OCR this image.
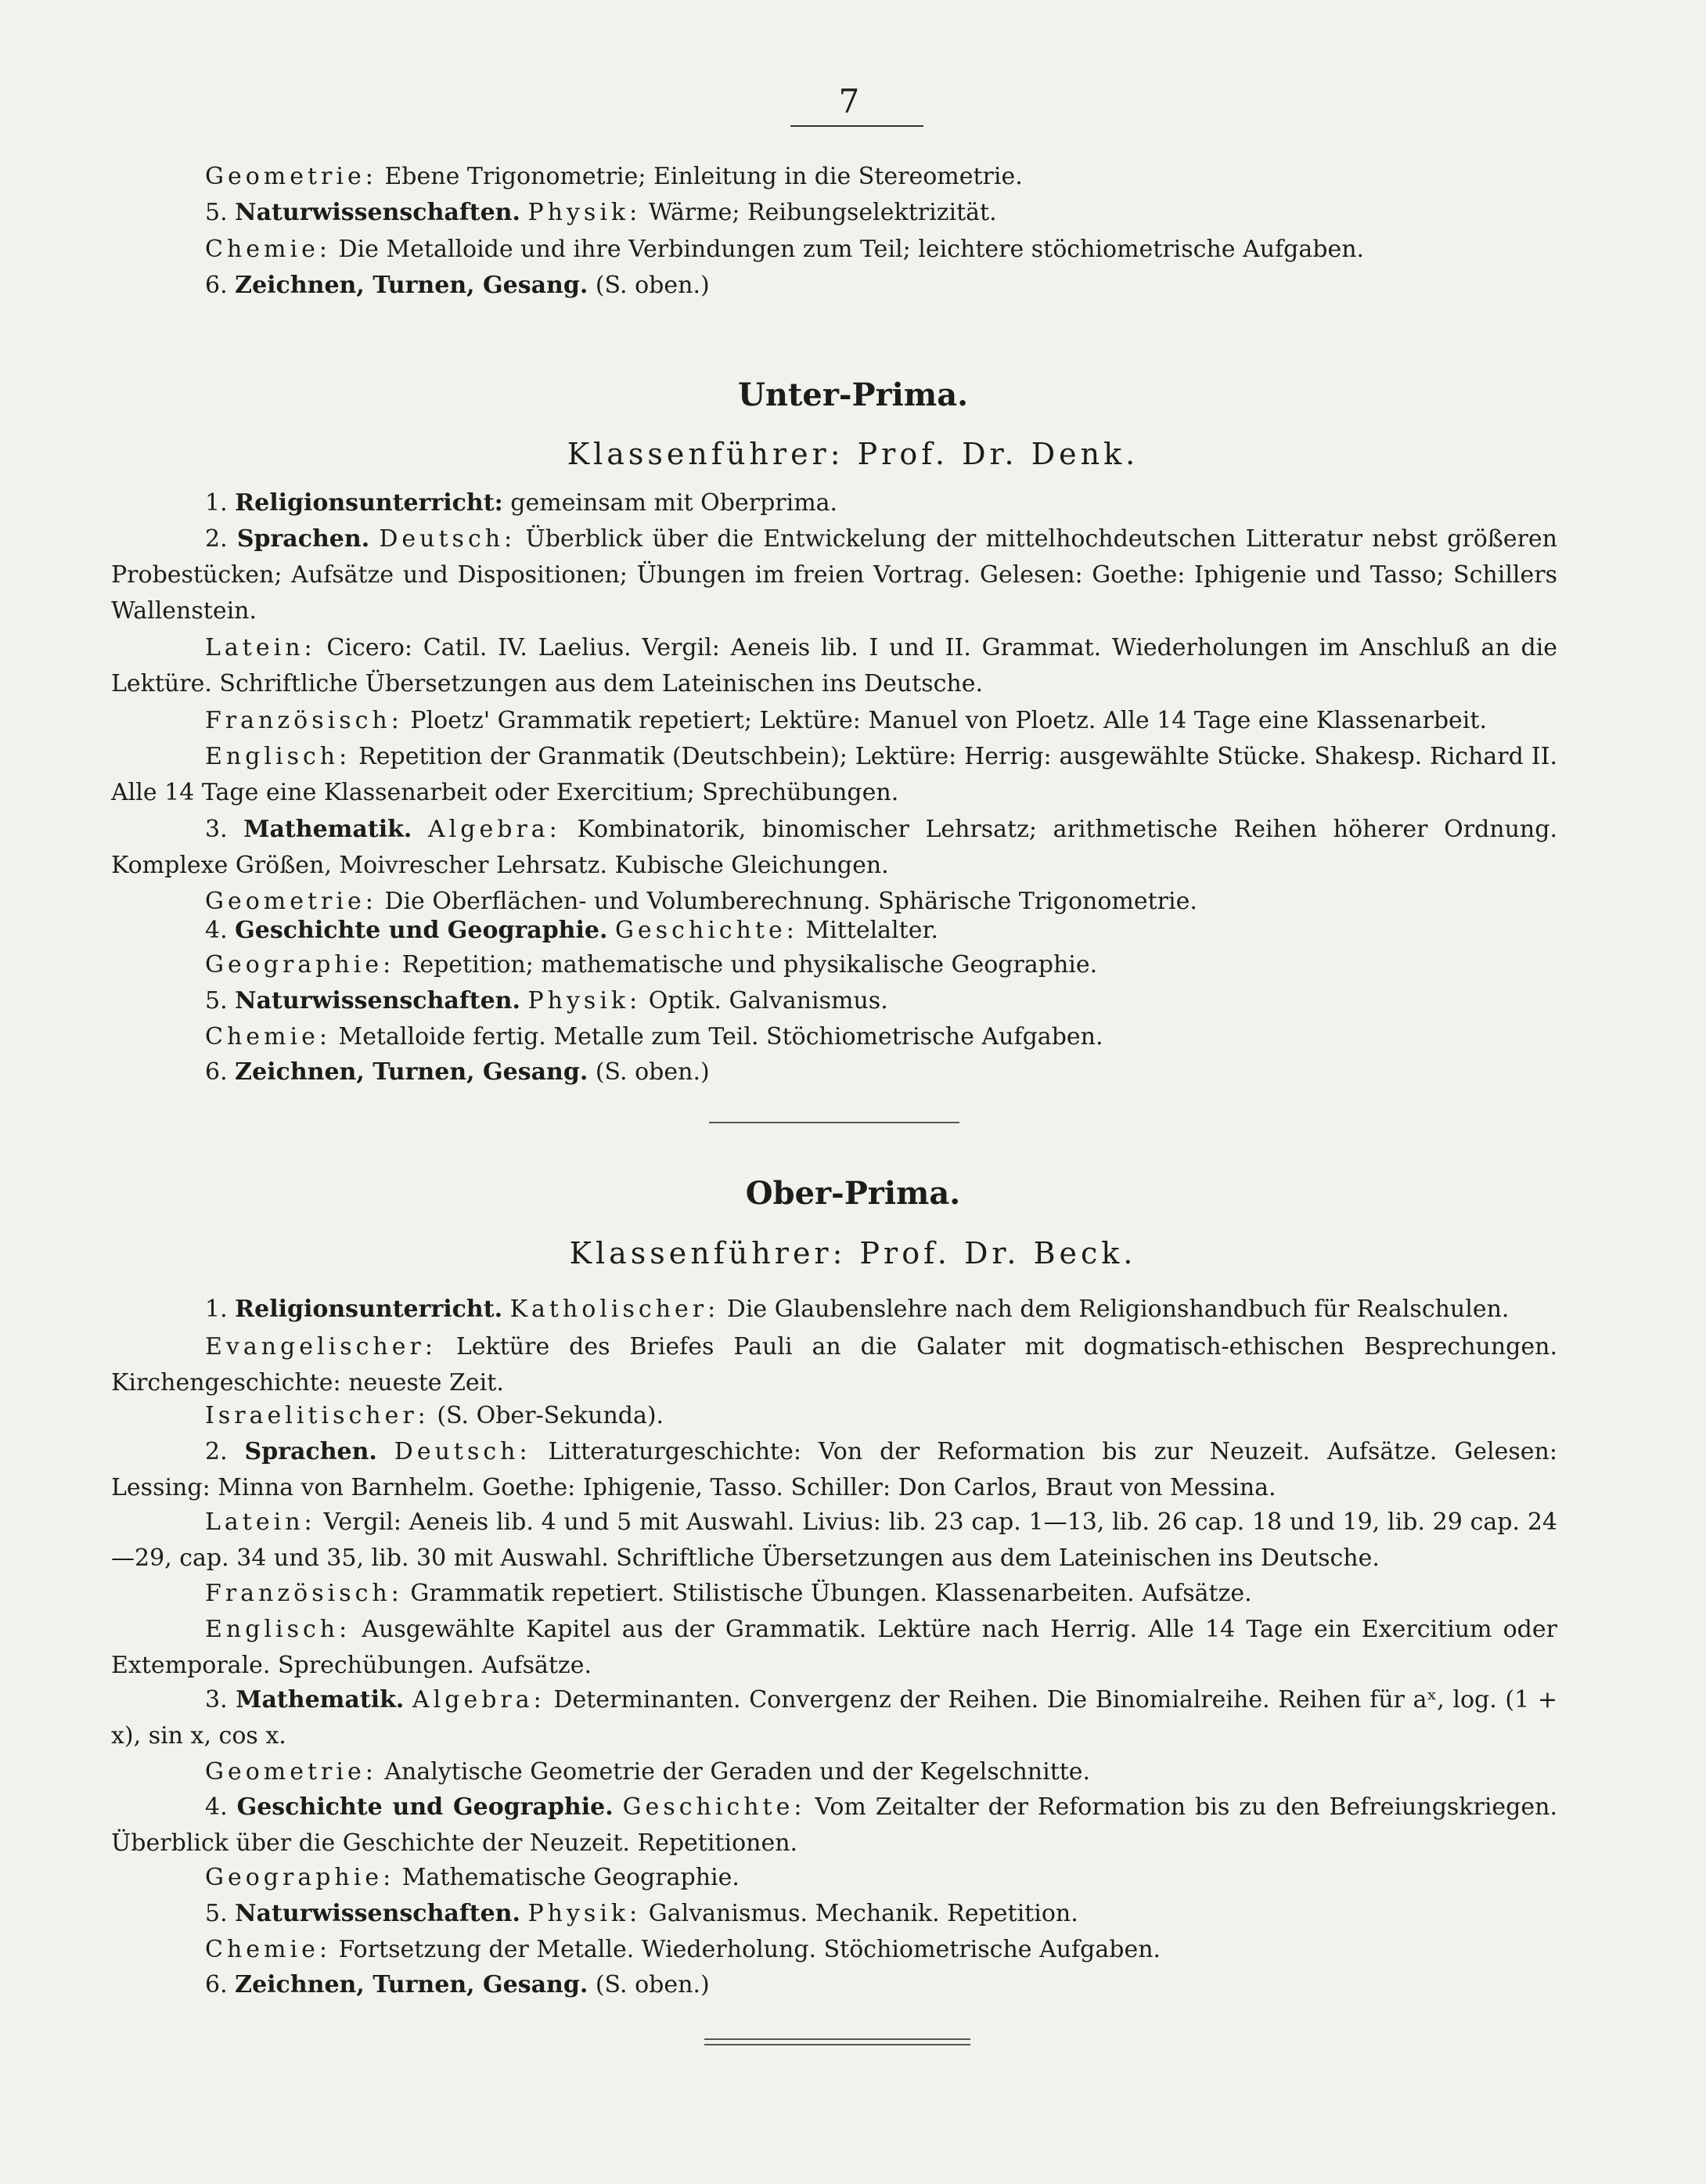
7
Geometrie: Ebene Trigonometrie; Einleitung in die Stereometrie.
5. Naturwissenschaften. Physik: Wärme; Reibungselektrizität.
Chemie: Die Metalloide und ihre Verbindungen zum Teil; leichtere stöchiometrische Aufgaben.
6. Zeichnen, Turnen, Gesang. (S. oben.)
Unter-Prima.
Klassenführer: Prof. Dr. Denk.
1. Religionsunterricht: gemeinsam mit Oberprima.
2. Sprachen. Deutsch: Überblick über die Entwickelung der mittelhochdeutschen Litteratur nebst größeren Probestücken; Aufsätze und Dispositionen; Übungen im freien Vortrag. Gelesen: Goethe: Iphigenie und Tasso; Schillers Wallenstein.
Latein: Cicero: Catil. IV. Laelius. Vergil: Aeneis lib. I und II. Grammat. Wiederholungen im Anschluß an die Lektüre. Schriftliche Übersetzungen aus dem Lateinischen ins Deutsche.
Französisch: Ploetz' Grammatik repetiert; Lektüre: Manuel von Ploetz. Alle 14 Tage eine Klassenarbeit.
Englisch: Repetition der Granmatik (Deutschbein); Lektüre: Herrig: ausgewählte Stücke. Shakesp. Richard II. Alle 14 Tage eine Klassenarbeit oder Exercitium; Sprechübungen.
3. Mathematik. Algebra: Kombinatorik, binomischer Lehrsatz; arithmetische Reihen höherer Ordnung. Komplexe Größen, Moivrescher Lehrsatz. Kubische Gleichungen.
Geometrie: Die Oberflächen- und Volumberechnung. Sphärische Trigonometrie.
4. Geschichte und Geographie. Geschichte: Mittelalter.
Geographie: Repetition; mathematische und physikalische Geographie.
5. Naturwissenschaften. Physik: Optik. Galvanismus.
Chemie: Metalloide fertig. Metalle zum Teil. Stöchiometrische Aufgaben.
6. Zeichnen, Turnen, Gesang. (S. oben.)
Ober-Prima.
Klassenführer: Prof. Dr. Beck.
1. Religionsunterricht. Katholischer: Die Glaubenslehre nach dem Religionshandbuch für Realschulen.
Evangelischer: Lektüre des Briefes Pauli an die Galater mit dogmatisch-ethischen Besprechungen. Kirchengeschichte: neueste Zeit.
Israelitischer: (S. Ober-Sekunda).
2. Sprachen. Deutsch: Litteraturgeschichte: Von der Reformation bis zur Neuzeit. Aufsätze. Gelesen: Lessing: Minna von Barnhelm. Goethe: Iphigenie, Tasso. Schiller: Don Carlos, Braut von Messina.
Latein: Vergil: Aeneis lib. 4 und 5 mit Auswahl. Livius: lib. 23 cap. 1—13, lib. 26 cap. 18 und 19, lib. 29 cap. 24—29, cap. 34 und 35, lib. 30 mit Auswahl. Schriftliche Übersetzungen aus dem Lateinischen ins Deutsche.
Französisch: Grammatik repetiert. Stilistische Übungen. Klassenarbeiten. Aufsätze.
Englisch: Ausgewählte Kapitel aus der Grammatik. Lektüre nach Herrig. Alle 14 Tage ein Exercitium oder Extemporale. Sprechübungen. Aufsätze.
3. Mathematik. Algebra: Determinanten. Convergenz der Reihen. Die Binomialreihe. Reihen für aˣ, log. (1 + x), sin x, cos x.
Geometrie: Analytische Geometrie der Geraden und der Kegelschnitte.
4. Geschichte und Geographie. Geschichte: Vom Zeitalter der Reformation bis zu den Befreiungskriegen. Überblick über die Geschichte der Neuzeit. Repetitionen.
Geographie: Mathematische Geographie.
5. Naturwissenschaften. Physik: Galvanismus. Mechanik. Repetition.
Chemie: Fortsetzung der Metalle. Wiederholung. Stöchiometrische Aufgaben.
6. Zeichnen, Turnen, Gesang. (S. oben.)
